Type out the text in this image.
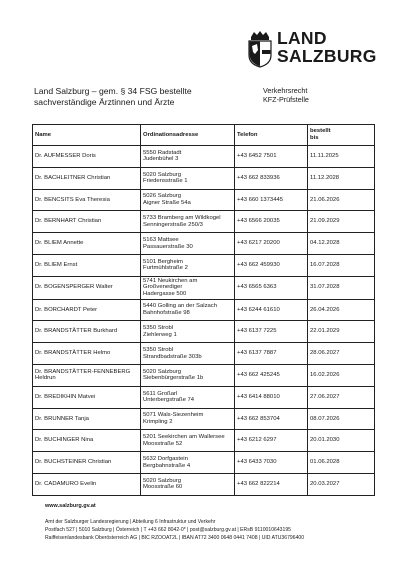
LAND
SALZBURG
Land Salzburg – gem. § 34 FSG bestellte
sachverständige Ärztinnen und Ärzte
Verkehrsrecht
KFZ-Prüfstelle
Name	Ordinationsadresse	Telefon	bestellt
bis

Dr. AUFMESSER Doris	5550 Radstadt
Judenbühel 3	+43 6452 7501	11.11.2025

Dr. BACHLEITNER Christian	5020 Salzburg
Friedensstraße 1	+43 662 833936	11.12.2028

Dr. BENCSITS Eva Theresia	5026 Salzburg
Aigner Straße 54a	+43 660 1373445	21.06.2026

Dr. BERNHART Christian	5733 Bramberg am Wildkogel
Senningerstraße 250/3	+43 6566 20035	21.09.2029

Dr. BLIEM Annette	5163 Mattsee
Passauerstraße 30	+43 6217 20200	04.12.2028

Dr. BLIEM Ernst	5101 Bergheim
Furtmühlstraße 2	+43 662 459930	16.07.2028

Dr. BOGENSPERGER Walter	5741 Neukirchen am Großvenediger
Hadergasse 500	+43 6565 6363	31.07.2028

Dr. BORCHARDT Peter	5440 Golling an der Salzach
Bahnhofstraße 98	+43 6244 61610	26.04.2026

Dr. BRANDSTÄTTER Burkhard	5350 Strobl
Ziehlerweg 1	+43 6137 7225	22.01.2029

Dr. BRANDSTÄTTER Helmo	5350 Strobl
Strandbadstraße 303b	+43 6137 7887	28.06.2027

Dr. BRANDSTÄTTER-FENNEBERG
Heldrun	5020 Salzburg
Siebenbürgerstraße 1b	+43 662 425245	16.02.2026

Dr. BREDIKHIN Matvei	5611 Großarl
Unterbergstraße 74	+43 6414 88010	27.06.2027

Dr. BRUNNER Tanja	5071 Wals-Siezenheim
Krimpling 2	+43 662 853704	08.07.2026

Dr. BUCHINGER Nina	5201 Seekirchen am Wallersee
Moosstraße 52	+43 6212 6297	20.01.2030

Dr. BUCHSTEINER Christian	5632 Dorfgastein
Bergbahnstraße 4	+43 6433 7030	01.06.2028

Dr. CADAMURO Evelin	5020 Salzburg
Moosstraße 60	+43 662 822214	20.03.2027
www.salzburg.gv.at
Amt der Salzburger Landesregierung | Abteilung 6 Infrastruktur und Verkehr
Postfach 527 | 5010 Salzburg | Österreich | T +43 662 8042-0* | post@salzburg.gv.at | ERsB 9110010643195
Raiffeisenlandesbank Oberösterreich AG | BIC RZOOAT2L | IBAN AT72 3400 0648 0441 7408 | UID ATU36796400
